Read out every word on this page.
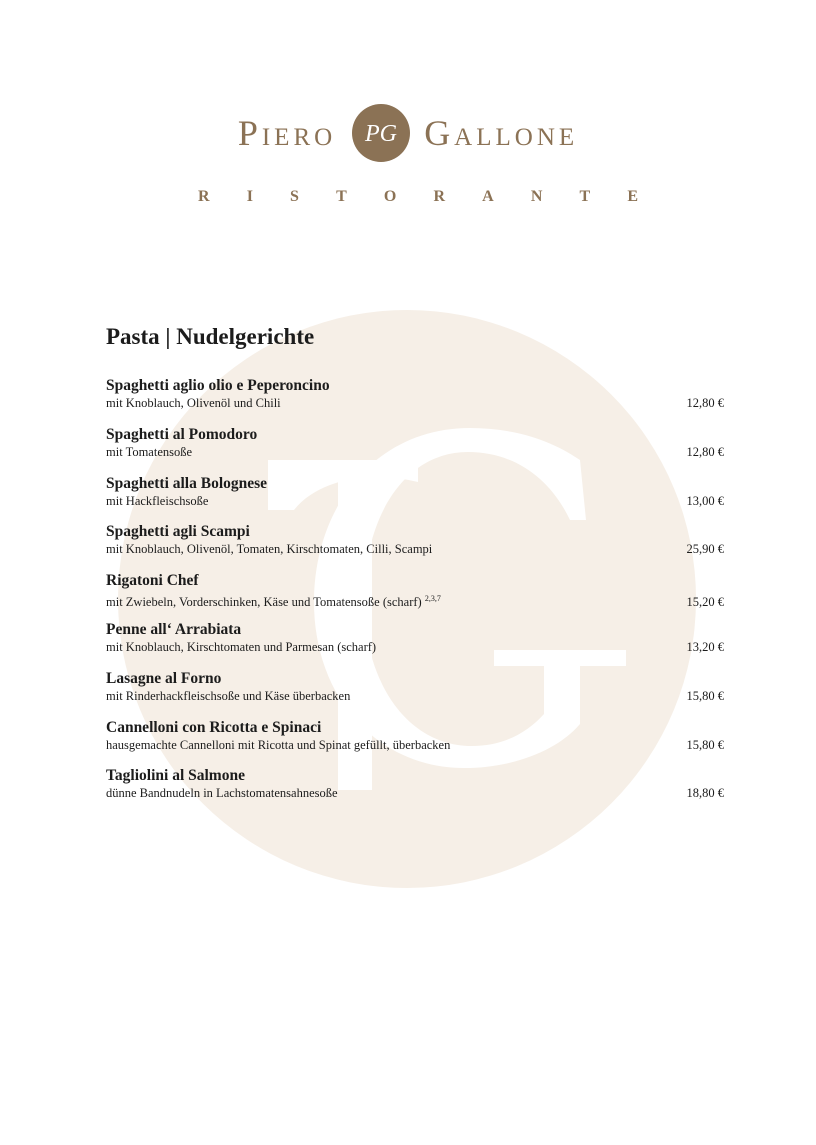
Piero PG Gallone
R I S T O R A N T E
Pasta | Nudelgerichte
Spaghetti aglio olio e Peperoncino
mit Knoblauch, Olivenöl und Chili	12,80 €
Spaghetti al Pomodoro
mit Tomatensoße	12,80 €
Spaghetti alla Bolognese
mit Hackfleischsoße	13,00 €
Spaghetti agli Scampi
mit Knoblauch, Olivenöl, Tomaten, Kirschtomaten, Cilli, Scampi	25,90 €
Rigatoni Chef
mit Zwiebeln, Vorderschinken, Käse und Tomatensoße (scharf) $^{2,3,7}$	15,20 €
Penne all‘ Arrabiata
mit Knoblauch, Kirschtomaten und Parmesan (scharf)	13,20 €
Lasagne al Forno
mit Rinderhackfleischsoße und Käse überbacken	15,80 €
Cannelloni con Ricotta e Spinaci
hausgemachte Cannelloni mit Ricotta und Spinat gefüllt, überbacken	15,80 €
Tagliolini al Salmone
dünne Bandnudeln in Lachstomatensahnesoße	18,80 €
